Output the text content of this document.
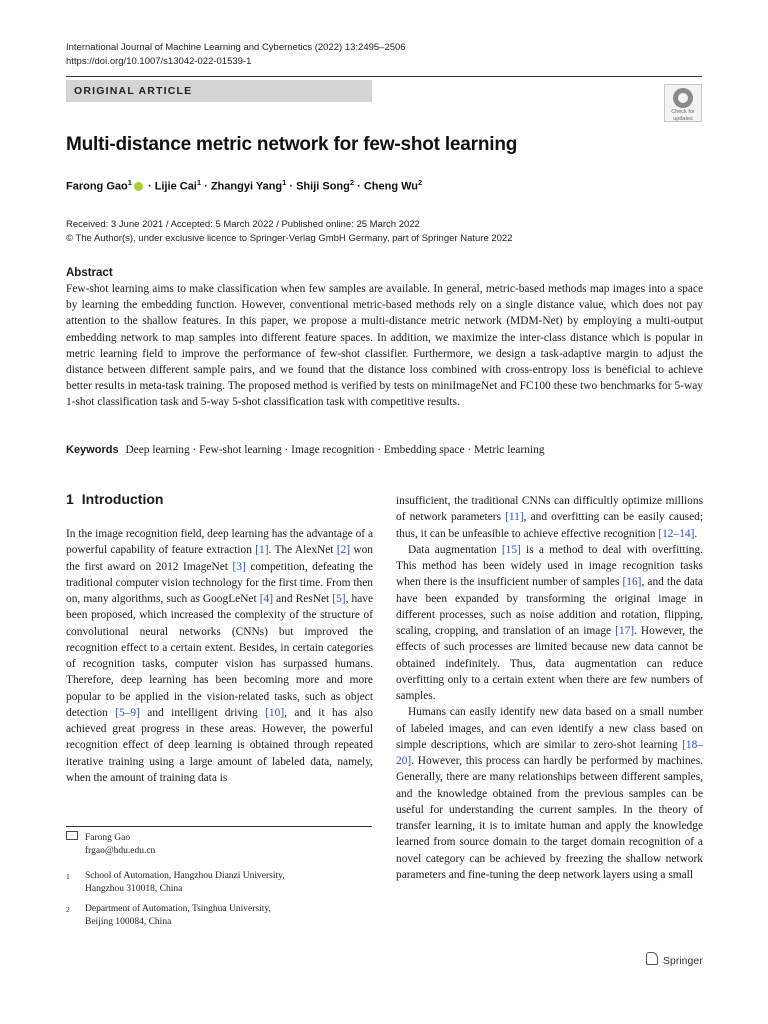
International Journal of Machine Learning and Cybernetics (2022) 13:2495–2506
https://doi.org/10.1007/s13042-022-01539-1
ORIGINAL ARTICLE
Check for
updates
Multi-distance metric network for few-shot learning
Farong Gao$^1$ · Lijie Cai$^1$ · Zhangyi Yang$^1$ · Shiji Song$^2$ · Cheng Wu$^2$
Received: 3 June 2021 / Accepted: 5 March 2022 / Published online: 25 March 2022
© The Author(s), under exclusive licence to Springer-Verlag GmbH Germany, part of Springer Nature 2022
Abstract
Few-shot learning aims to make classification when few samples are available. In general, metric-based methods map images into a space by learning the embedding function. However, conventional metric-based methods rely on a single distance value, which does not pay attention to the shallow features. In this paper, we propose a multi-distance metric network (MDM-Net) by employing a multi-output embedding network to map samples into different feature spaces. In addition, we maximize the inter-class distance which is popular in metric learning field to improve the performance of few-shot classifier. Furthermore, we design a task-adaptive margin to adjust the distance between different sample pairs, and we found that the distance loss combined with cross-entropy loss is beneficial to achieve better results in meta-task training. The proposed method is verified by tests on miniImageNet and FC100 these two benchmarks for 5-way 1-shot classification task and 5-way 5-shot classification task with competitive results.
Keywords Deep learning · Few-shot learning · Image recognition · Embedding space · Metric learning
1 Introduction

In the image recognition field, deep learning has the advantage of a powerful capability of feature extraction [1]. The AlexNet [2] won the first award on 2012 ImageNet [3] competition, defeating the traditional computer vision technology for the first time. From then on, many algorithms, such as GoogLeNet [4] and ResNet [5], have been proposed, which increased the complexity of the structure of convolutional neural networks (CNNs) but improved the recognition effect to a certain extent. Besides, in certain categories of recognition tasks, computer vision has surpassed humans. Therefore, deep learning has been becoming more and more popular to be applied in the vision-related tasks, such as object detection [5–9] and intelligent driving [10], and it has also achieved great progress in these areas. However, the powerful recognition effect of deep learning is obtained through repeated iterative training using a large amount of labeled data, namely, when the amount of training data is

insufficient, the traditional CNNs can difficultly optimize millions of network parameters [11], and overfitting can be easily caused; thus, it can be unfeasible to achieve effective recognition [12–14].

Data augmentation [15] is a method to deal with overfitting. This method has been widely used in image recognition tasks when there is the insufficient number of samples [16], and the data have been expanded by transforming the original image in different processes, such as noise addition and rotation, flipping, scaling, cropping, and translation of an image [17]. However, the effects of such processes are limited because new data cannot be obtained indefinitely. Thus, data augmentation can reduce overfitting only to a certain extent when there are few numbers of samples.

Humans can easily identify new data based on a small number of labeled images, and can even identify a new class based on simple descriptions, which are similar to zero-shot learning [18–20]. However, this process can hardly be performed by machines. Generally, there are many relationships between different samples, and the knowledge obtained from the previous samples can be useful for understanding the current samples. In the theory of transfer learning, it is to imitate human and apply the knowledge learned from source domain to the target domain recognition of a novel category can be achieved by freezing the shallow network parameters and fine-tuning the deep network layers using a small

Farong Gao
frgao@hdu.edu.cn
1	School of Automation, Hangzhou Dianzi University,
Hangzhou 310018, China
2	Department of Automation, Tsinghua University,
Beijing 100084, China
Springer
